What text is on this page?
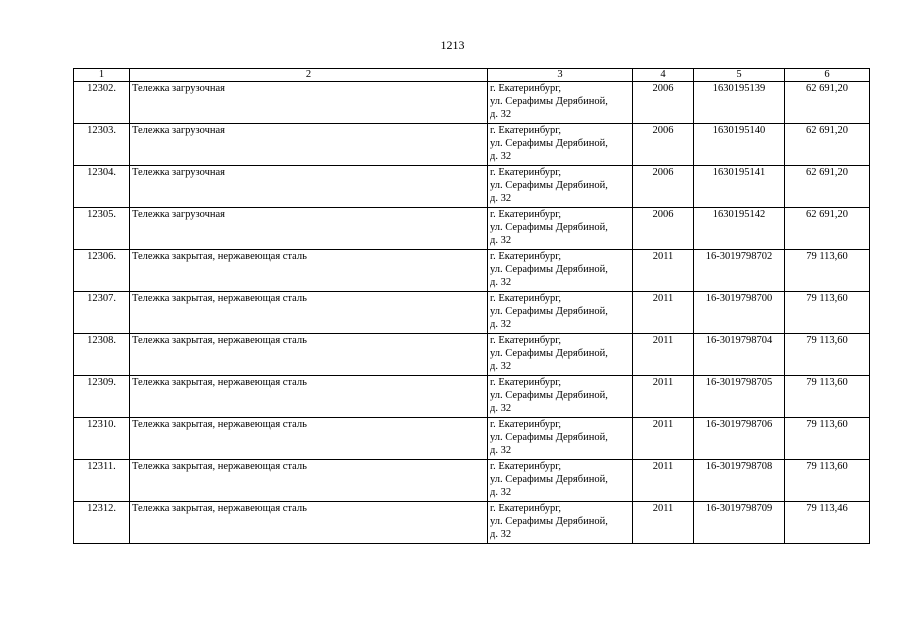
1213
1	2	3	4	5	6
12302.	Тележка загрузочная	г. Екатеринбург,
ул. Серафимы Дерябиной,
д. 32	2006	1630195139	62 691,20
12303.	Тележка загрузочная	г. Екатеринбург,
ул. Серафимы Дерябиной,
д. 32	2006	1630195140	62 691,20
12304.	Тележка загрузочная	г. Екатеринбург,
ул. Серафимы Дерябиной,
д. 32	2006	1630195141	62 691,20
12305.	Тележка загрузочная	г. Екатеринбург,
ул. Серафимы Дерябиной,
д. 32	2006	1630195142	62 691,20
12306.	Тележка закрытая, нержавеющая сталь	г. Екатеринбург,
ул. Серафимы Дерябиной,
д. 32	2011	16-3019798702	79 113,60
12307.	Тележка закрытая, нержавеющая сталь	г. Екатеринбург,
ул. Серафимы Дерябиной,
д. 32	2011	16-3019798700	79 113,60
12308.	Тележка закрытая, нержавеющая сталь	г. Екатеринбург,
ул. Серафимы Дерябиной,
д. 32	2011	16-3019798704	79 113,60
12309.	Тележка закрытая, нержавеющая сталь	г. Екатеринбург,
ул. Серафимы Дерябиной,
д. 32	2011	16-3019798705	79 113,60
12310.	Тележка закрытая, нержавеющая сталь	г. Екатеринбург,
ул. Серафимы Дерябиной,
д. 32	2011	16-3019798706	79 113,60
12311.	Тележка закрытая, нержавеющая сталь	г. Екатеринбург,
ул. Серафимы Дерябиной,
д. 32	2011	16-3019798708	79 113,60
12312.	Тележка закрытая, нержавеющая сталь	г. Екатеринбург,
ул. Серафимы Дерябиной,
д. 32	2011	16-3019798709	79 113,46
